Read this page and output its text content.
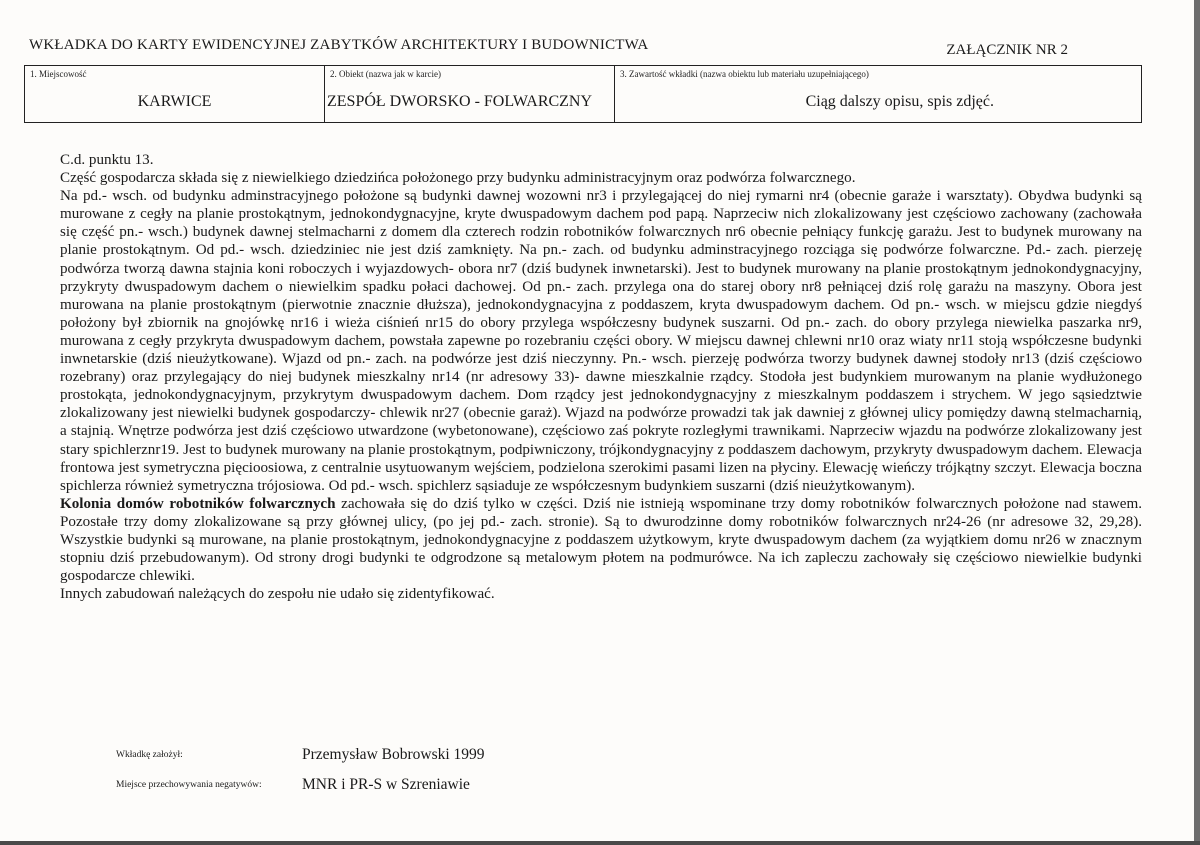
WKŁADKA DO KARTY EWIDENCYJNEJ ZABYTKÓW ARCHITEKTURY I BUDOWNICTWA	ZAŁĄCZNIK NR 2
1. Miejscowość
KARWICE
2. Obiekt (nazwa jak w karcie)
ZESPÓŁ DWORSKO - FOLWARCZNY
3. Zawartość wkładki (nazwa obiektu lub materiału uzupełniającego)
Ciąg dalszy opisu, spis zdjęć.

C.d. punktu 13.

Część gospodarcza składa się z niewielkiego dziedzińca położonego przy budynku administracyjnym oraz podwórza folwarcznego.

Na pd.- wsch. od budynku adminstracyjnego położone są budynki dawnej wozowni nr3 i przylegającej do niej rymarni nr4 (obecnie garaże i warsztaty). Obydwa budynki są murowane z cegły na planie prostokątnym, jednokondygnacyjne, kryte dwuspadowym dachem pod papą. Naprzeciw nich zlokalizowany jest częściowo zachowany (zachowała się część pn.- wsch.) budynek dawnej stelmacharni z domem dla czterech rodzin robotników folwarcznych nr6 obecnie pełniący funkcję garażu. Jest to budynek murowany na planie prostokątnym. Od pd.- wsch. dziedziniec nie jest dziś zamknięty. Na pn.- zach. od budynku adminstracyjnego rozciąga się podwórze folwarczne. Pd.- zach. pierzeję podwórza tworzą dawna stajnia koni roboczych i wyjazdowych- obora nr7 (dziś budynek inwnetarski). Jest to budynek murowany na planie prostokątnym jednokondygnacyjny, przykryty dwuspadowym dachem o niewielkim spadku połaci dachowej. Od pn.- zach. przylega ona do starej obory nr8 pełniącej dziś rolę garażu na maszyny. Obora jest murowana na planie prostokątnym (pierwotnie znacznie dłuższa), jednokondygnacyjna z poddaszem, kryta dwuspadowym dachem. Od pn.- wsch. w miejscu gdzie niegdyś położony był zbiornik na gnojówkę nr16 i wieża ciśnień nr15 do obory przylega współczesny budynek suszarni. Od pn.- zach. do obory przylega niewielka paszarka nr9, murowana z cegły przykryta dwuspadowym dachem, powstała zapewne po rozebraniu części obory. W miejscu dawnej chlewni nr10 oraz wiaty nr11 stoją współczesne budynki inwnetarskie (dziś nieużytkowane). Wjazd od pn.- zach. na podwórze jest dziś nieczynny. Pn.- wsch. pierzeję podwórza tworzy budynek dawnej stodoły nr13 (dziś częściowo rozebrany) oraz przylegający do niej budynek mieszkalny nr14 (nr adresowy 33)- dawne mieszkalnie rządcy. Stodoła jest budynkiem murowanym na planie wydłużonego prostokąta, jednokondygnacyjnym, przykrytym dwuspadowym dachem. Dom rządcy jest jednokondygnacyjny z mieszkalnym poddaszem i strychem. W jego sąsiedztwie zlokalizowany jest niewielki budynek gospodarczy- chlewik nr27 (obecnie garaż). Wjazd na podwórze prowadzi tak jak dawniej z głównej ulicy pomiędzy dawną stelmacharnią, a stajnią. Wnętrze podwórza jest dziś częściowo utwardzone (wybetonowane), częściowo zaś pokryte rozległymi trawnikami. Naprzeciw wjazdu na podwórze zlokalizowany jest stary spichlerznr19. Jest to budynek murowany na planie prostokątnym, podpiwniczony, trójkondygnacyjny z poddaszem dachowym, przykryty dwuspadowym dachem. Elewacja frontowa jest symetryczna pięcioosiowa, z centralnie usytuowanym wejściem, podzielona szerokimi pasami lizen na płyciny. Elewację wieńczy trójkątny szczyt. Elewacja boczna spichlerza również symetryczna trójosiowa. Od pd.- wsch. spichlerz sąsiaduje ze współczesnym budynkiem suszarni (dziś nieużytkowanym).

Kolonia domów robotników folwarcznych zachowała się do dziś tylko w części. Dziś nie istnieją wspominane trzy domy robotników folwarcznych położone nad stawem. Pozostałe trzy domy zlokalizowane są przy głównej ulicy, (po jej pd.- zach. stronie). Są to dwurodzinne domy robotników folwarcznych nr24-26 (nr adresowe 32, 29,28). Wszystkie budynki są murowane, na planie prostokątnym, jednokondygnacyjne z poddaszem użytkowym, kryte dwuspadowym dachem (za wyjątkiem domu nr26 w znacznym stopniu dziś przebudowanym). Od strony drogi budynki te odgrodzone są metalowym płotem na podmurówce. Na ich zapleczu zachowały się częściowo niewielkie budynki gospodarcze chlewiki.

Innych zabudowań należących do zespołu nie udało się zidentyfikować.

Wkładkę założył:	Przemysław Bobrowski 1999
Miejsce przechowywania negatywów:	MNR i PR-S w Szreniawie
